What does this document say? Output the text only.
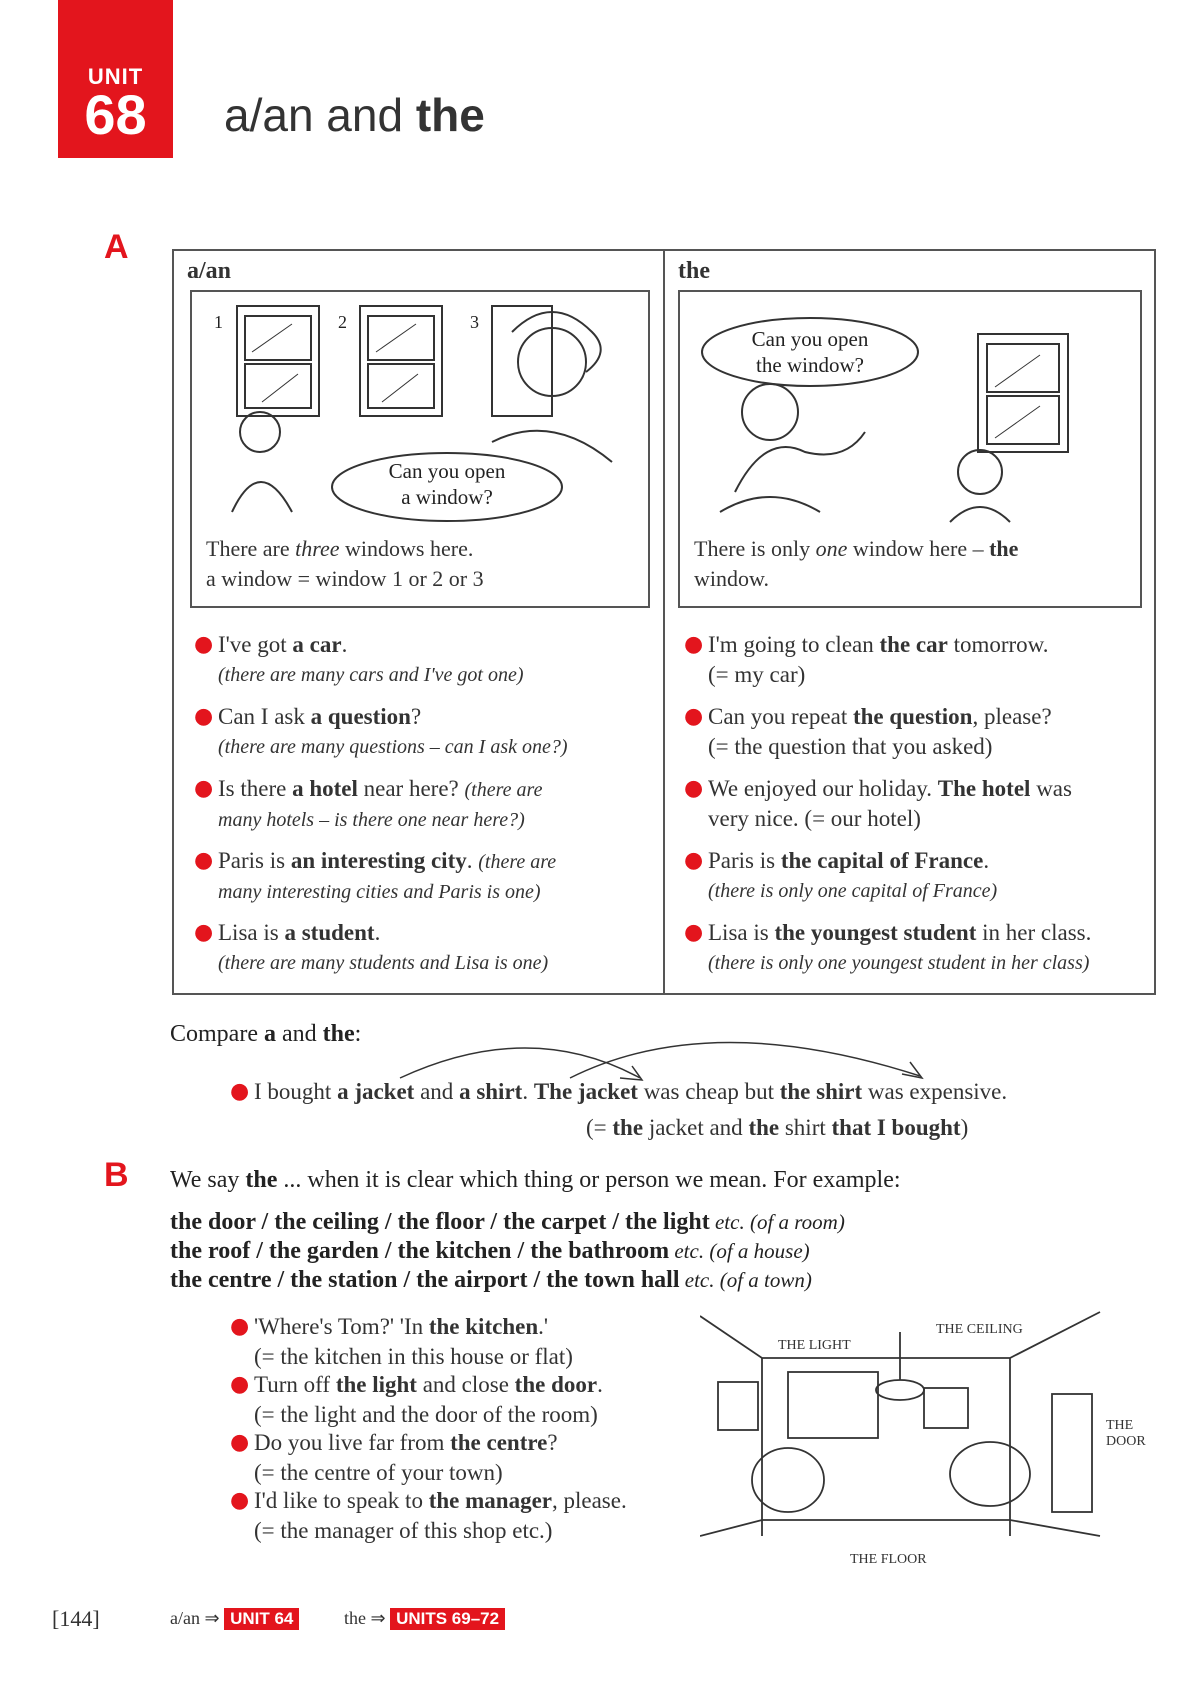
UNIT
68	a/an and the
A
a/an	the
1	2	3
Can you open
a window?
There are three windows here.
a window = window 1 or 2 or 3
Can you open
the window?
There is only one window here – the
window.
● I've got a car.
(there are many cars and I've got one)
● Can I ask a question?
(there are many questions – can I ask one?)
● Is there a hotel near here? (there are
many hotels – is there one near here?)
● Paris is an interesting city. (there are
many interesting cities and Paris is one)
● Lisa is a student.
(there are many students and Lisa is one)
● I'm going to clean the car tomorrow.
(= my car)
● Can you repeat the question, please?
(= the question that you asked)
● We enjoyed our holiday. The hotel was
very nice. (= our hotel)
● Paris is the capital of France.
(there is only one capital of France)
● Lisa is the youngest student in her class.
(there is only one youngest student in her class)
Compare a and the:
● I bought a jacket and a shirt. The jacket was cheap but the shirt was expensive.
(= the jacket and the shirt that I bought)
B We say the ... when it is clear which thing or person we mean. For example:
the door / the ceiling / the floor / the carpet / the light etc. (of a room)
the roof / the garden / the kitchen / the bathroom etc. (of a house)
the centre / the station / the airport / the town hall etc. (of a town)
● 'Where's Tom?' 'In the kitchen.'
(= the kitchen in this house or flat)
● Turn off the light and close the door.
(= the light and the door of the room)
● Do you live far from the centre?
(= the centre of your town)
● I'd like to speak to the manager, please.
(= the manager of this shop etc.)
THE LIGHT
THE CEILING
THE
DOOR
THE FLOOR
[144]	a/an ⇒ UNIT 64	the ⇒ UNITS 69–72
